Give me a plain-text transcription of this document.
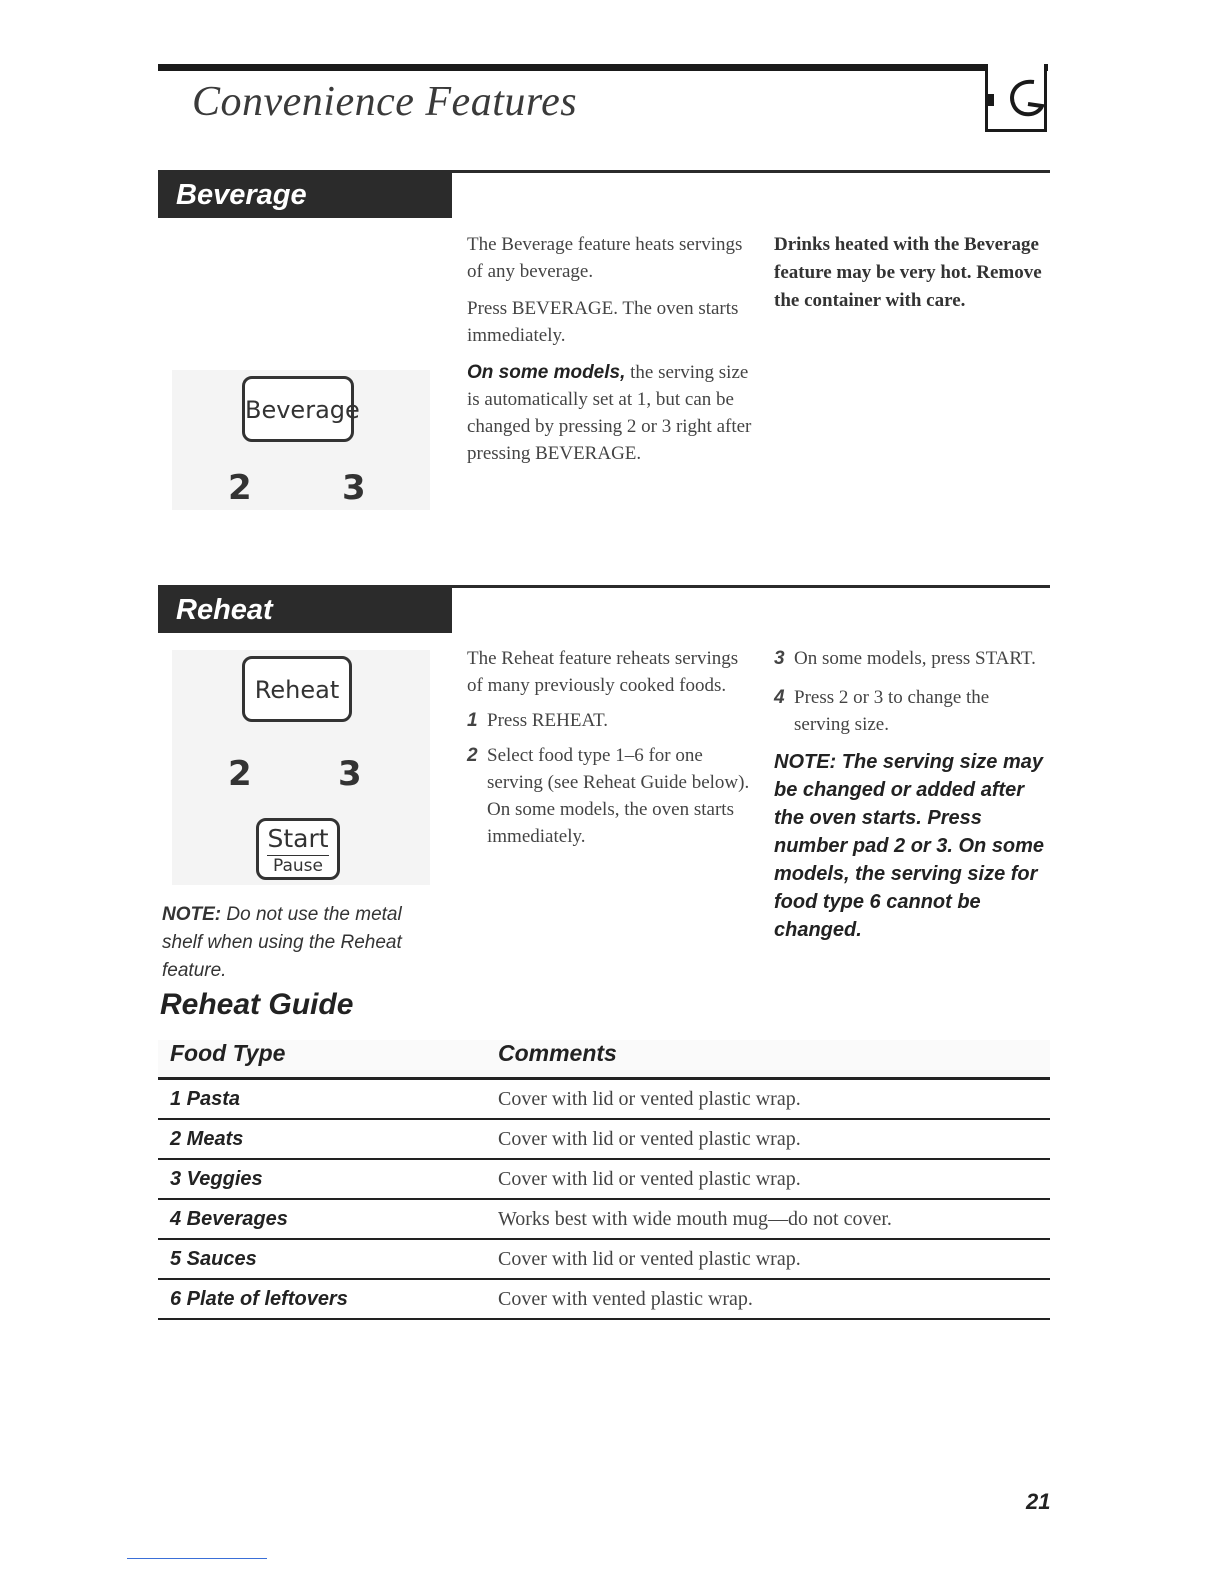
Convenience Features
Beverage
Beverage
2	3

The Beverage feature heats servings of any beverage.

Press BEVERAGE. The oven starts immediately.

On some models, the serving size is automatically set at 1, but can be changed by pressing 2 or 3 right after pressing BEVERAGE.

Drinks heated with the Beverage feature may be very hot. Remove the container with care.
Reheat
Reheat
2	3
Start
Pause
NOTE: Do not use the metal shelf when using the Reheat feature.

The Reheat feature reheats servings of many previously cooked foods.

1 Press REHEAT.
2 Select food type 1–6 for one serving (see Reheat Guide below). On some models, the oven starts immediately.
3 On some models, press START.
4 Press 2 or 3 to change the serving size.
NOTE: The serving size may be changed or added after the oven starts. Press number pad 2 or 3. On some models, the serving size for food type 6 cannot be changed.
Reheat Guide
Food Type	Comments
1 Pasta	Cover with lid or vented plastic wrap.
2 Meats	Cover with lid or vented plastic wrap.
3 Veggies	Cover with lid or vented plastic wrap.
4 Beverages	Works best with wide mouth mug—do not cover.
5 Sauces	Cover with lid or vented plastic wrap.
6 Plate of leftovers	Cover with vented plastic wrap.
21
